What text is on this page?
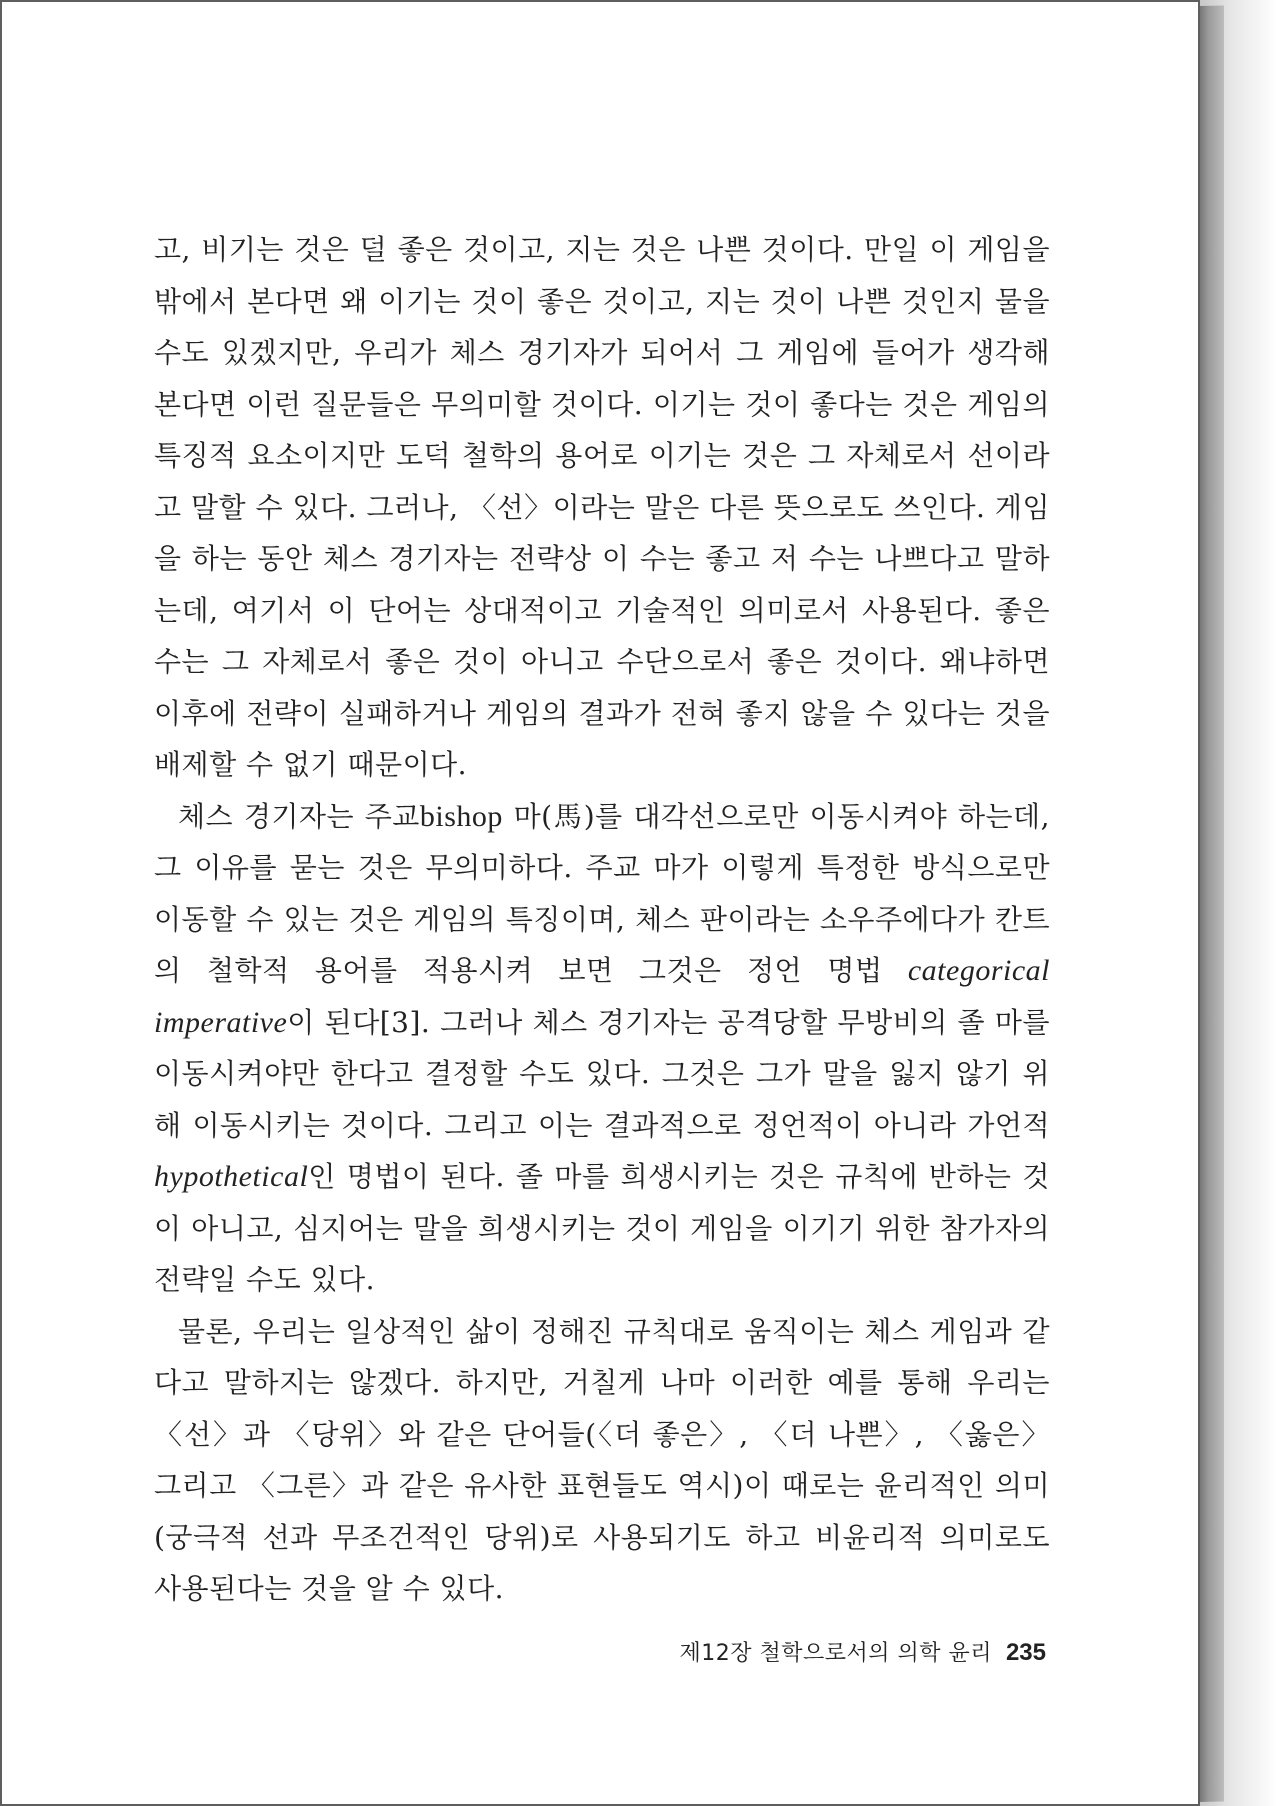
고, 비기는 것은 덜 좋은 것이고, 지는 것은 나쁜 것이다. 만일 이 게임을 밖에서 본다면 왜 이기는 것이 좋은 것이고, 지는 것이 나쁜 것인지 물을 수도 있겠지만, 우리가 체스 경기자가 되어서 그 게임에 들어가 생각해 본다면 이런 질문들은 무의미할 것이다. 이기는 것이 좋다는 것은 게임의 특징적 요소이지만 도덕 철학의 용어로 이기는 것은 그 자체로서 선이라고 말할 수 있다. 그러나, 〈선〉이라는 말은 다른 뜻으로도 쓰인다. 게임을 하는 동안 체스 경기자는 전략상 이 수는 좋고 저 수는 나쁘다고 말하는데, 여기서 이 단어는 상대적이고 기술적인 의미로서 사용된다. 좋은 수는 그 자체로서 좋은 것이 아니고 수단으로서 좋은 것이다. 왜냐하면 이후에 전략이 실패하거나 게임의 결과가 전혀 좋지 않을 수 있다는 것을 배제할 수 없기 때문이다.

체스 경기자는 주교bishop 마(馬)를 대각선으로만 이동시켜야 하는데, 그 이유를 묻는 것은 무의미하다. 주교 마가 이렇게 특정한 방식으로만 이동할 수 있는 것은 게임의 특징이며, 체스 판이라는 소우주에다가 칸트의 철학적 용어를 적용시켜 보면 그것은 정언 명법 categorical imperative이 된다[3]. 그러나 체스 경기자는 공격당할 무방비의 졸 마를 이동시켜야만 한다고 결정할 수도 있다. 그것은 그가 말을 잃지 않기 위해 이동시키는 것이다. 그리고 이는 결과적으로 정언적이 아니라 가언적hypothetical인 명법이 된다. 졸 마를 희생시키는 것은 규칙에 반하는 것이 아니고, 심지어는 말을 희생시키는 것이 게임을 이기기 위한 참가자의 전략일 수도 있다.

물론, 우리는 일상적인 삶이 정해진 규칙대로 움직이는 체스 게임과 같다고 말하지는 않겠다. 하지만, 거칠게 나마 이러한 예를 통해 우리는 〈선〉과 〈당위〉와 같은 단어들(〈더 좋은〉, 〈더 나쁜〉, 〈옳은〉 그리고 〈그른〉과 같은 유사한 표현들도 역시)이 때로는 윤리적인 의미(궁극적 선과 무조건적인 당위)로 사용되기도 하고 비윤리적 의미로도 사용된다는 것을 알 수 있다.

제12장 철학으로서의 의학 윤리 235
